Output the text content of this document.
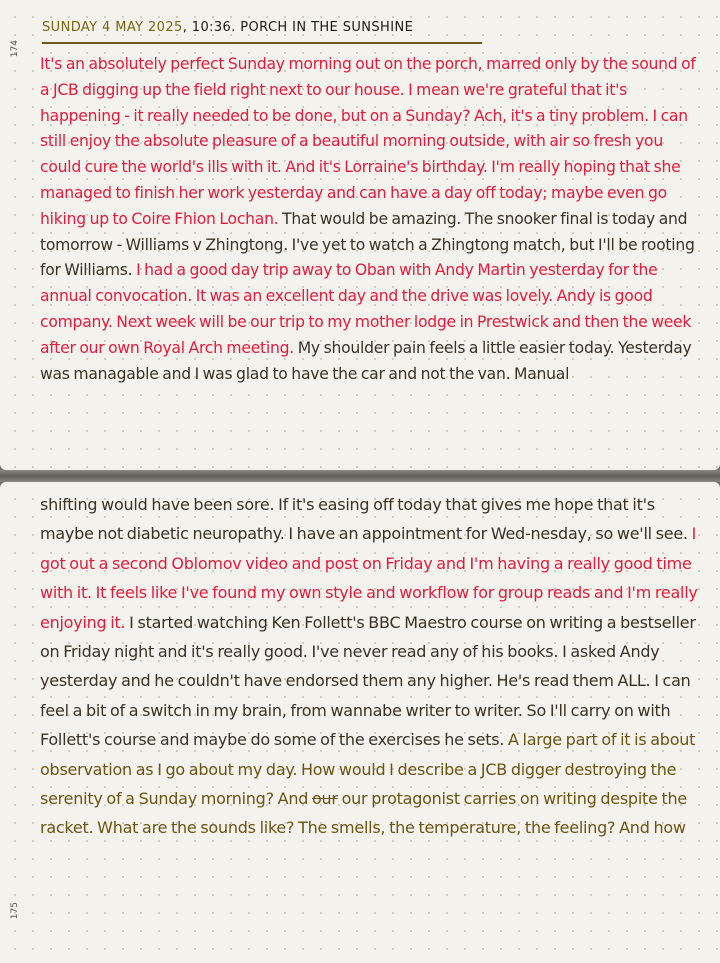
174
SUNDAY 4 MAY 2025, 10:36. PORCH IN THE SUNSHINE
It's an absolutely perfect Sunday morning out on the porch, marred only by the sound of a JCB digging up the field right next to our house. I mean we're grateful that it's happening - it really needed to be done, but on a Sunday? Ach, it's a tiny problem. I can still enjoy the absolute pleasure of a beautiful morning outside, with air so fresh you could cure the world's ills with it. And it's Lorraine's birthday. I'm really hoping that she managed to finish her work yesterday and can have a day off today; maybe even go hiking up to Coire Fhion Lochan. That would be amazing. The snooker final is today and tomorrow - Williams v Zhingtong. I've yet to watch a Zhingtong match, but I'll be rooting for Williams. I had a good day trip away to Oban with Andy Martin yesterday for the annual convocation. It was an excellent day and the drive was lovely. Andy is good company. Next week will be our trip to my mother lodge in Prestwick and then the week after our own Royal Arch meeting. My shoulder pain feels a little easier today. Yesterday was managable and I was glad to have the car and not the van. Manual
175
shifting would have been sore. If it's easing off today that gives me hope that it's maybe not diabetic neuropathy. I have an appointment for Wed-nesday, so we'll see. I got out a second Oblomov video and post on Friday and I'm having a really good time with it. It feels like I've found my own style and workflow for group reads and I'm really enjoying it. I started watching Ken Follett's BBC Maestro course on writing a bestseller on Friday night and it's really good. I've never read any of his books. I asked Andy yesterday and he couldn't have endorsed them any higher. He's read them ALL. I can feel a bit of a switch in my brain, from wannabe writer to writer. So I'll carry on with Follett's course and maybe do some of the exercises he sets. A large part of it is about observation as I go about my day. How would I describe a JCB digger destroying the serenity of a Sunday morning? And our our protagonist carries on writing despite the racket. What are the sounds like? The smells, the temperature, the feeling? And how
